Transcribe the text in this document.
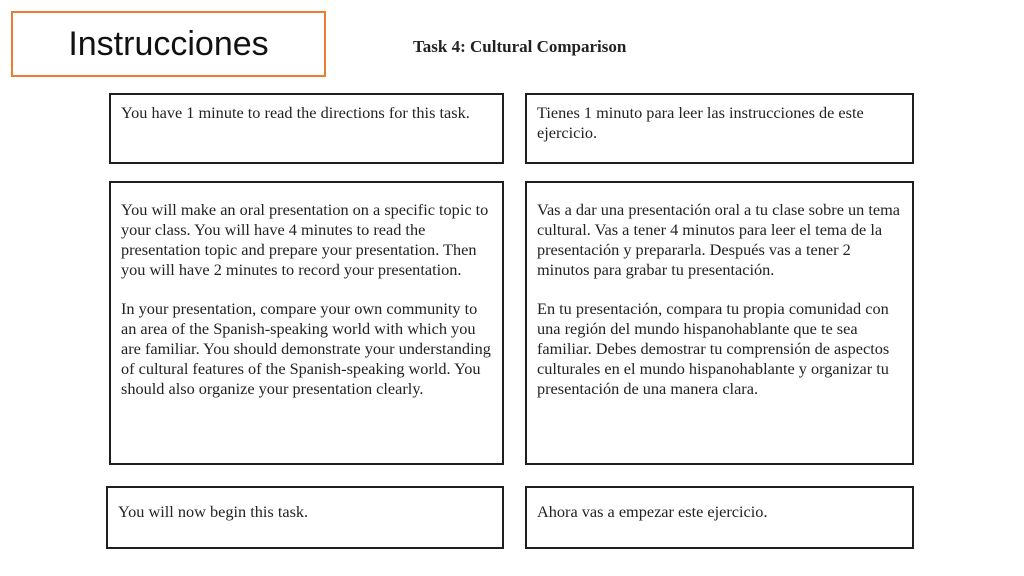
Instrucciones	Task 4: Cultural Comparison

You have 1 minute to read the directions for this task.	Tienes 1 minuto para leer las instrucciones de este ejercicio.

You will make an oral presentation on a specific topic to your class. You will have 4 minutes to read the presentation topic and prepare your presentation. Then you will have 2 minutes to record your presentation.

In your presentation, compare your own community to an area of the Spanish-speaking world with which you are familiar. You should demonstrate your understanding of cultural features of the Spanish-speaking world. You should also organize your presentation clearly.

Vas a dar una presentación oral a tu clase sobre un tema cultural. Vas a tener 4 minutos para leer el tema de la presentación y prepararla. Después vas a tener 2 minutos para grabar tu presentación.

En tu presentación, compara tu propia comunidad con una región del mundo hispanohablante que te sea familiar. Debes demostrar tu comprensión de aspectos culturales en el mundo hispanohablante y organizar tu presentación de una manera clara.

You will now begin this task.	Ahora vas a empezar este ejercicio.
